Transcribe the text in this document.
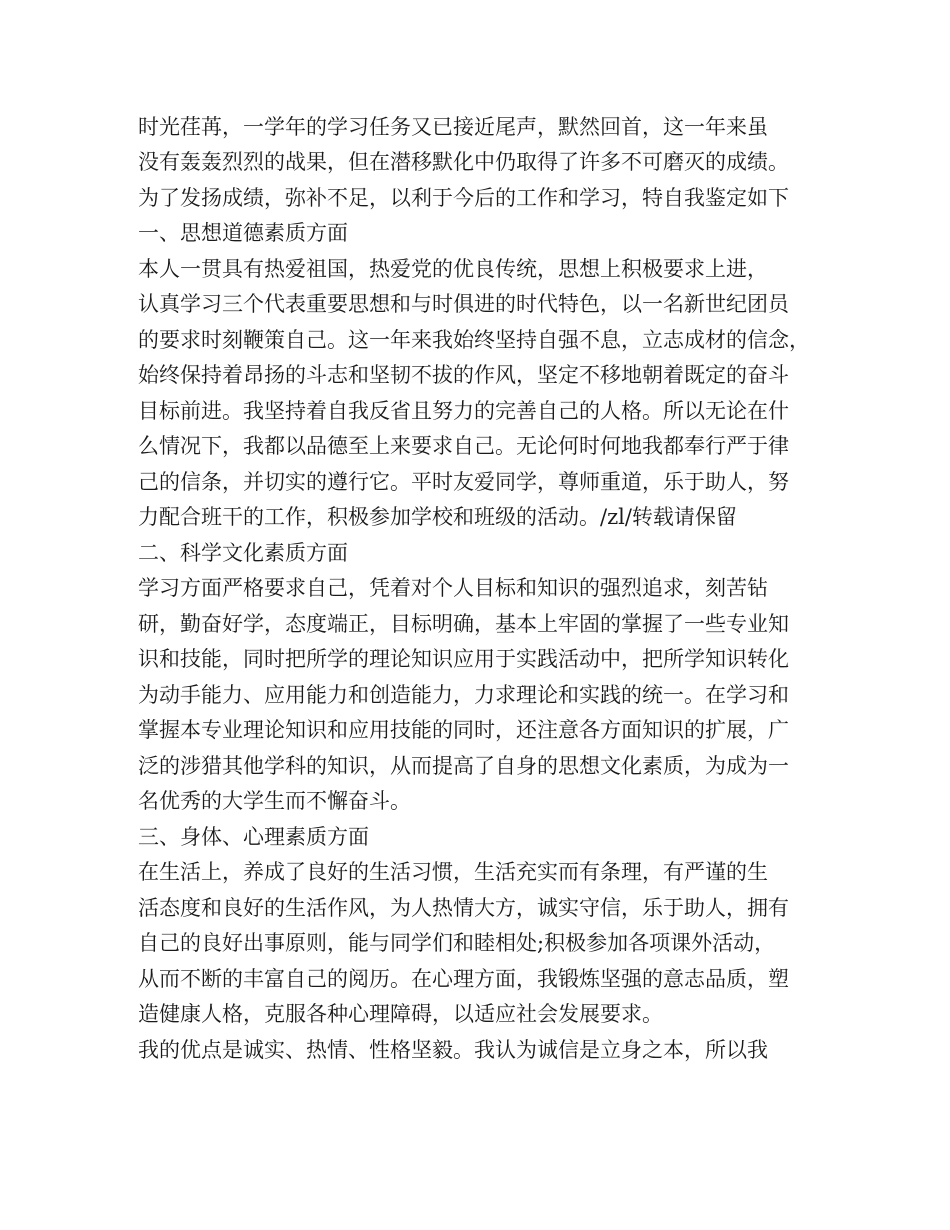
时光荏苒，一学年的学习任务又已接近尾声，默然回首，这一年来虽
没有轰轰烈烈的战果，但在潜移默化中仍取得了许多不可磨灭的成绩。
为了发扬成绩，弥补不足，以利于今后的工作和学习，特自我鉴定如下
一、思想道德素质方面
本人一贯具有热爱祖国，热爱党的优良传统，思想上积极要求上进，
认真学习三个代表重要思想和与时俱进的时代特色，以一名新世纪团员
的要求时刻鞭策自己。这一年来我始终坚持自强不息，立志成材的信念，
始终保持着昂扬的斗志和坚韧不拔的作风，坚定不移地朝着既定的奋斗
目标前进。我坚持着自我反省且努力的完善自己的人格。所以无论在什
么情况下，我都以品德至上来要求自己。无论何时何地我都奉行严于律
己的信条，并切实的遵行它。平时友爱同学，尊师重道，乐于助人，努
力配合班干的工作，积极参加学校和班级的活动。/zl/转载请保留
二、科学文化素质方面
学习方面严格要求自己，凭着对个人目标和知识的强烈追求，刻苦钻
研，勤奋好学，态度端正，目标明确，基本上牢固的掌握了一些专业知
识和技能，同时把所学的理论知识应用于实践活动中，把所学知识转化
为动手能力、应用能力和创造能力，力求理论和实践的统一。在学习和
掌握本专业理论知识和应用技能的同时，还注意各方面知识的扩展，广
泛的涉猎其他学科的知识，从而提高了自身的思想文化素质，为成为一
名优秀的大学生而不懈奋斗。
三、身体、心理素质方面
在生活上，养成了良好的生活习惯，生活充实而有条理，有严谨的生
活态度和良好的生活作风，为人热情大方，诚实守信，乐于助人，拥有
自己的良好出事原则，能与同学们和睦相处;积极参加各项课外活动，
从而不断的丰富自己的阅历。在心理方面，我锻炼坚强的意志品质，塑
造健康人格，克服各种心理障碍，以适应社会发展要求。
我的优点是诚实、热情、性格坚毅。我认为诚信是立身之本，所以我
